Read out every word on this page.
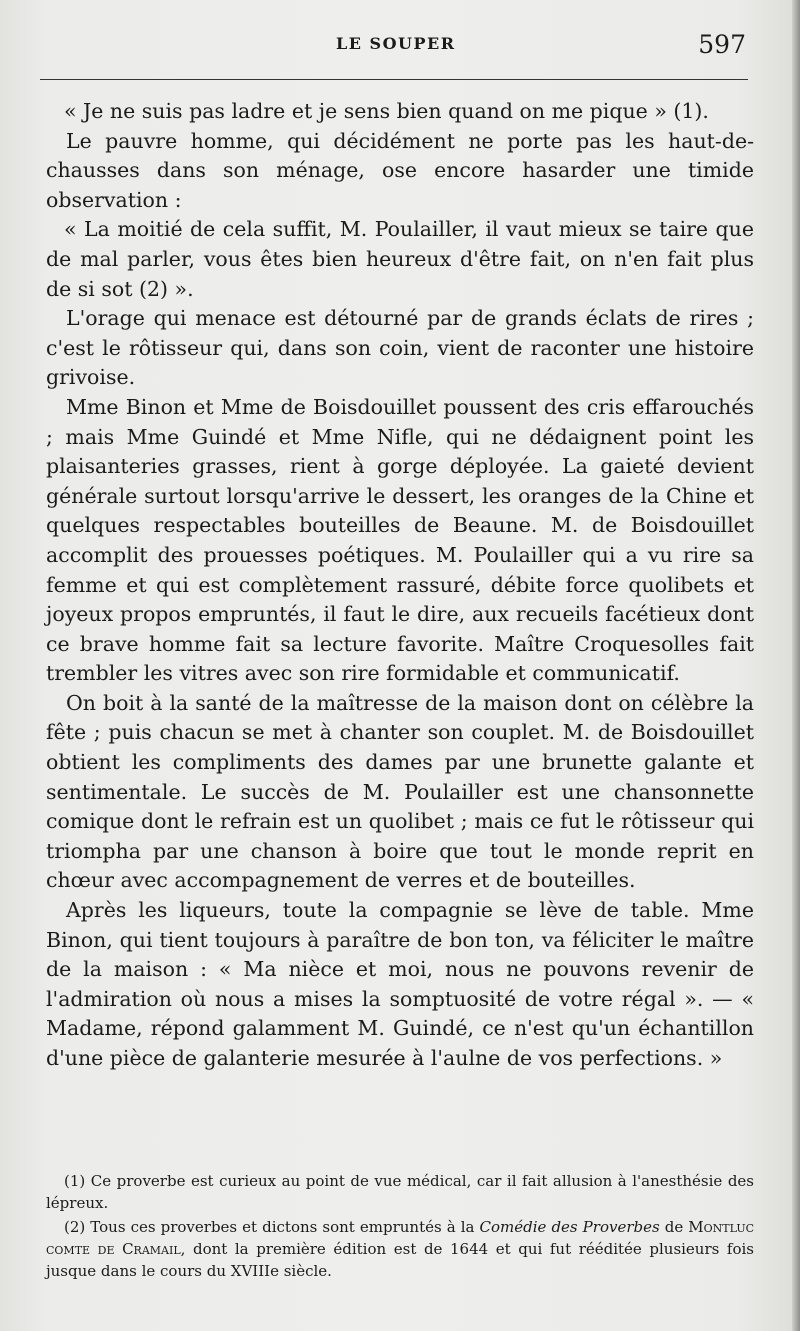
LE SOUPER	597

« Je ne suis pas ladre et je sens bien quand on me pique » (1).

Le pauvre homme, qui décidément ne porte pas les haut-de-chausses dans son ménage, ose encore hasarder une timide observation :

« La moitié de cela suffit, M. Poulailler, il vaut mieux se taire que de mal parler, vous êtes bien heureux d'être fait, on n'en fait plus de si sot (2) ».

L'orage qui menace est détourné par de grands éclats de rires ; c'est le rôtisseur qui, dans son coin, vient de raconter une histoire grivoise.

Mme Binon et Mme de Boisdouillet poussent des cris effarouchés ; mais Mme Guindé et Mme Nifle, qui ne dédaignent point les plaisanteries grasses, rient à gorge déployée. La gaieté devient générale surtout lorsqu'arrive le dessert, les oranges de la Chine et quelques respectables bouteilles de Beaune. M. de Boisdouillet accomplit des prouesses poétiques. M. Poulailler qui a vu rire sa femme et qui est complètement rassuré, débite force quolibets et joyeux propos empruntés, il faut le dire, aux recueils facétieux dont ce brave homme fait sa lecture favorite. Maître Croquesolles fait trembler les vitres avec son rire formidable et communicatif.

On boit à la santé de la maîtresse de la maison dont on célèbre la fête ; puis chacun se met à chanter son couplet. M. de Boisdouillet obtient les compliments des dames par une brunette galante et sentimentale. Le succès de M. Poulailler est une chansonnette comique dont le refrain est un quolibet ; mais ce fut le rôtisseur qui triompha par une chanson à boire que tout le monde reprit en chœur avec accompagnement de verres et de bouteilles.

Après les liqueurs, toute la compagnie se lève de table. Mme Binon, qui tient toujours à paraître de bon ton, va féliciter le maître de la maison : « Ma nièce et moi, nous ne pouvons revenir de l'admiration où nous a mises la somptuosité de votre régal ». — « Madame, répond galamment M. Guindé, ce n'est qu'un échantillon d'une pièce de galanterie mesurée à l'aulne de vos perfections. »

(1) Ce proverbe est curieux au point de vue médical, car il fait allusion à l'anesthésie des lépreux.

(2) Tous ces proverbes et dictons sont empruntés à la Comédie des Proverbes de Montluc comte de Cramail, dont la première édition est de 1644 et qui fut rééditée plusieurs fois jusque dans le cours du XVIIIe siècle.
